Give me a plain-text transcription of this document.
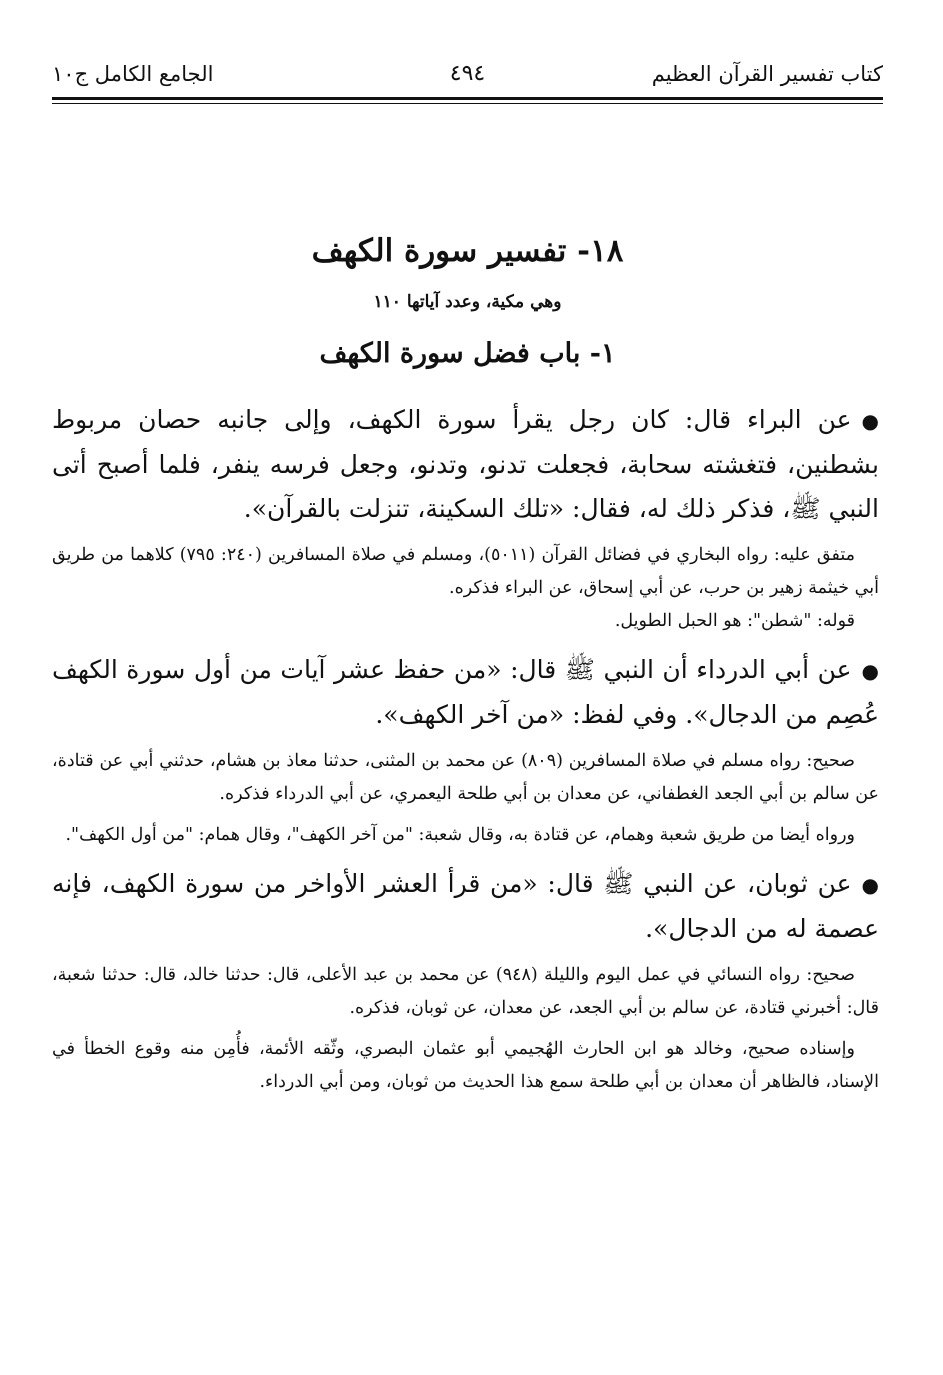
كتاب تفسير القرآن العظيم
٤٩٤
الجامع الكامل ج١٠
١٨- تفسير سورة الكهف
وهي مكية، وعدد آياتها ١١٠
١- باب فضل سورة الكهف

●عن البراء قال: كان رجل يقرأ سورة الكهف، وإلى جانبه حصان مربوط بشطنين، فتغشته سحابة، فجعلت تدنو، وتدنو، وجعل فرسه ينفر، فلما أصبح أتى النبي ﷺ، فذكر ذلك له، فقال: «تلك السكينة، تنزلت بالقرآن».

متفق عليه: رواه البخاري في فضائل القرآن (٥٠١١)، ومسلم في صلاة المسافرين (٢٤٠: ٧٩٥) كلاهما من طريق أبي خيثمة زهير بن حرب، عن أبي إسحاق، عن البراء فذكره.

قوله: "شطن": هو الحبل الطويل.

●عن أبي الدرداء أن النبي ﷺ قال: «من حفظ عشر آيات من أول سورة الكهف عُصِم من الدجال». وفي لفظ: «من آخر الكهف».

صحيح: رواه مسلم في صلاة المسافرين (٨٠٩) عن محمد بن المثنى، حدثنا معاذ بن هشام، حدثني أبي عن قتادة، عن سالم بن أبي الجعد الغطفاني، عن معدان بن أبي طلحة اليعمري، عن أبي الدرداء فذكره.

ورواه أيضا من طريق شعبة وهمام، عن قتادة به، وقال شعبة: "من آخر الكهف"، وقال همام: "من أول الكهف".

●عن ثوبان، عن النبي ﷺ قال: «من قرأ العشر الأواخر من سورة الكهف، فإنه عصمة له من الدجال».

صحيح: رواه النسائي في عمل اليوم والليلة (٩٤٨) عن محمد بن عبد الأعلى، قال: حدثنا خالد، قال: حدثنا شعبة، قال: أخبرني قتادة، عن سالم بن أبي الجعد، عن معدان، عن ثوبان، فذكره.

وإسناده صحيح، وخالد هو ابن الحارث الهُجيمي أبو عثمان البصري، وثّقه الأئمة، فأُمِن منه وقوع الخطأ في الإسناد، فالظاهر أن معدان بن أبي طلحة سمع هذا الحديث من ثوبان، ومن أبي الدرداء.
